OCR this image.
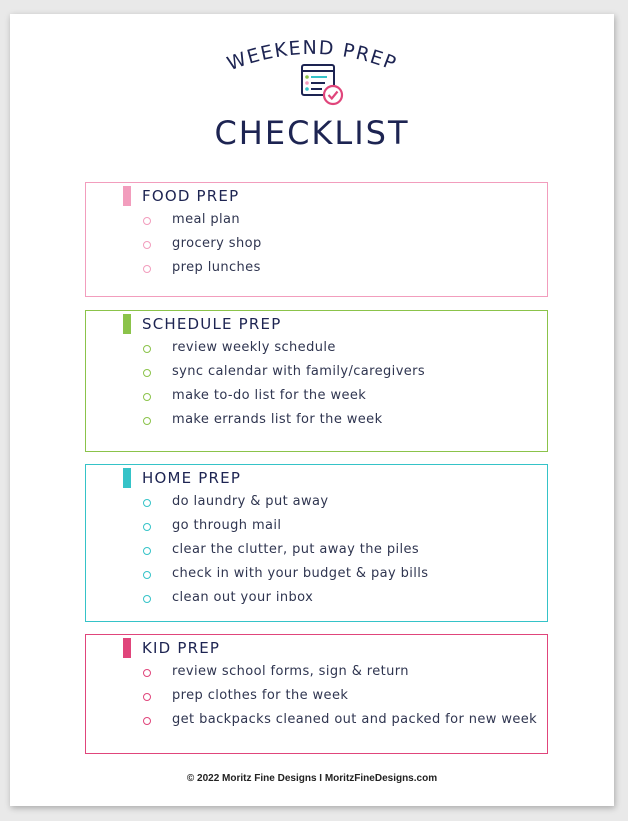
WEEKEND PREP
CHECKLIST
FOOD PREP
meal plan
grocery shop
prep lunches
SCHEDULE PREP
review weekly schedule
sync calendar with family/caregivers
make to-do list for the week
make errands list for the week
HOME PREP
do laundry & put away
go through mail
clear the clutter, put away the piles
check in with your budget & pay bills
clean out your inbox
KID PREP
review school forms, sign & return
prep clothes for the week
get backpacks cleaned out and packed for new week
© 2022 Moritz Fine Designs I MoritzFineDesigns.com
